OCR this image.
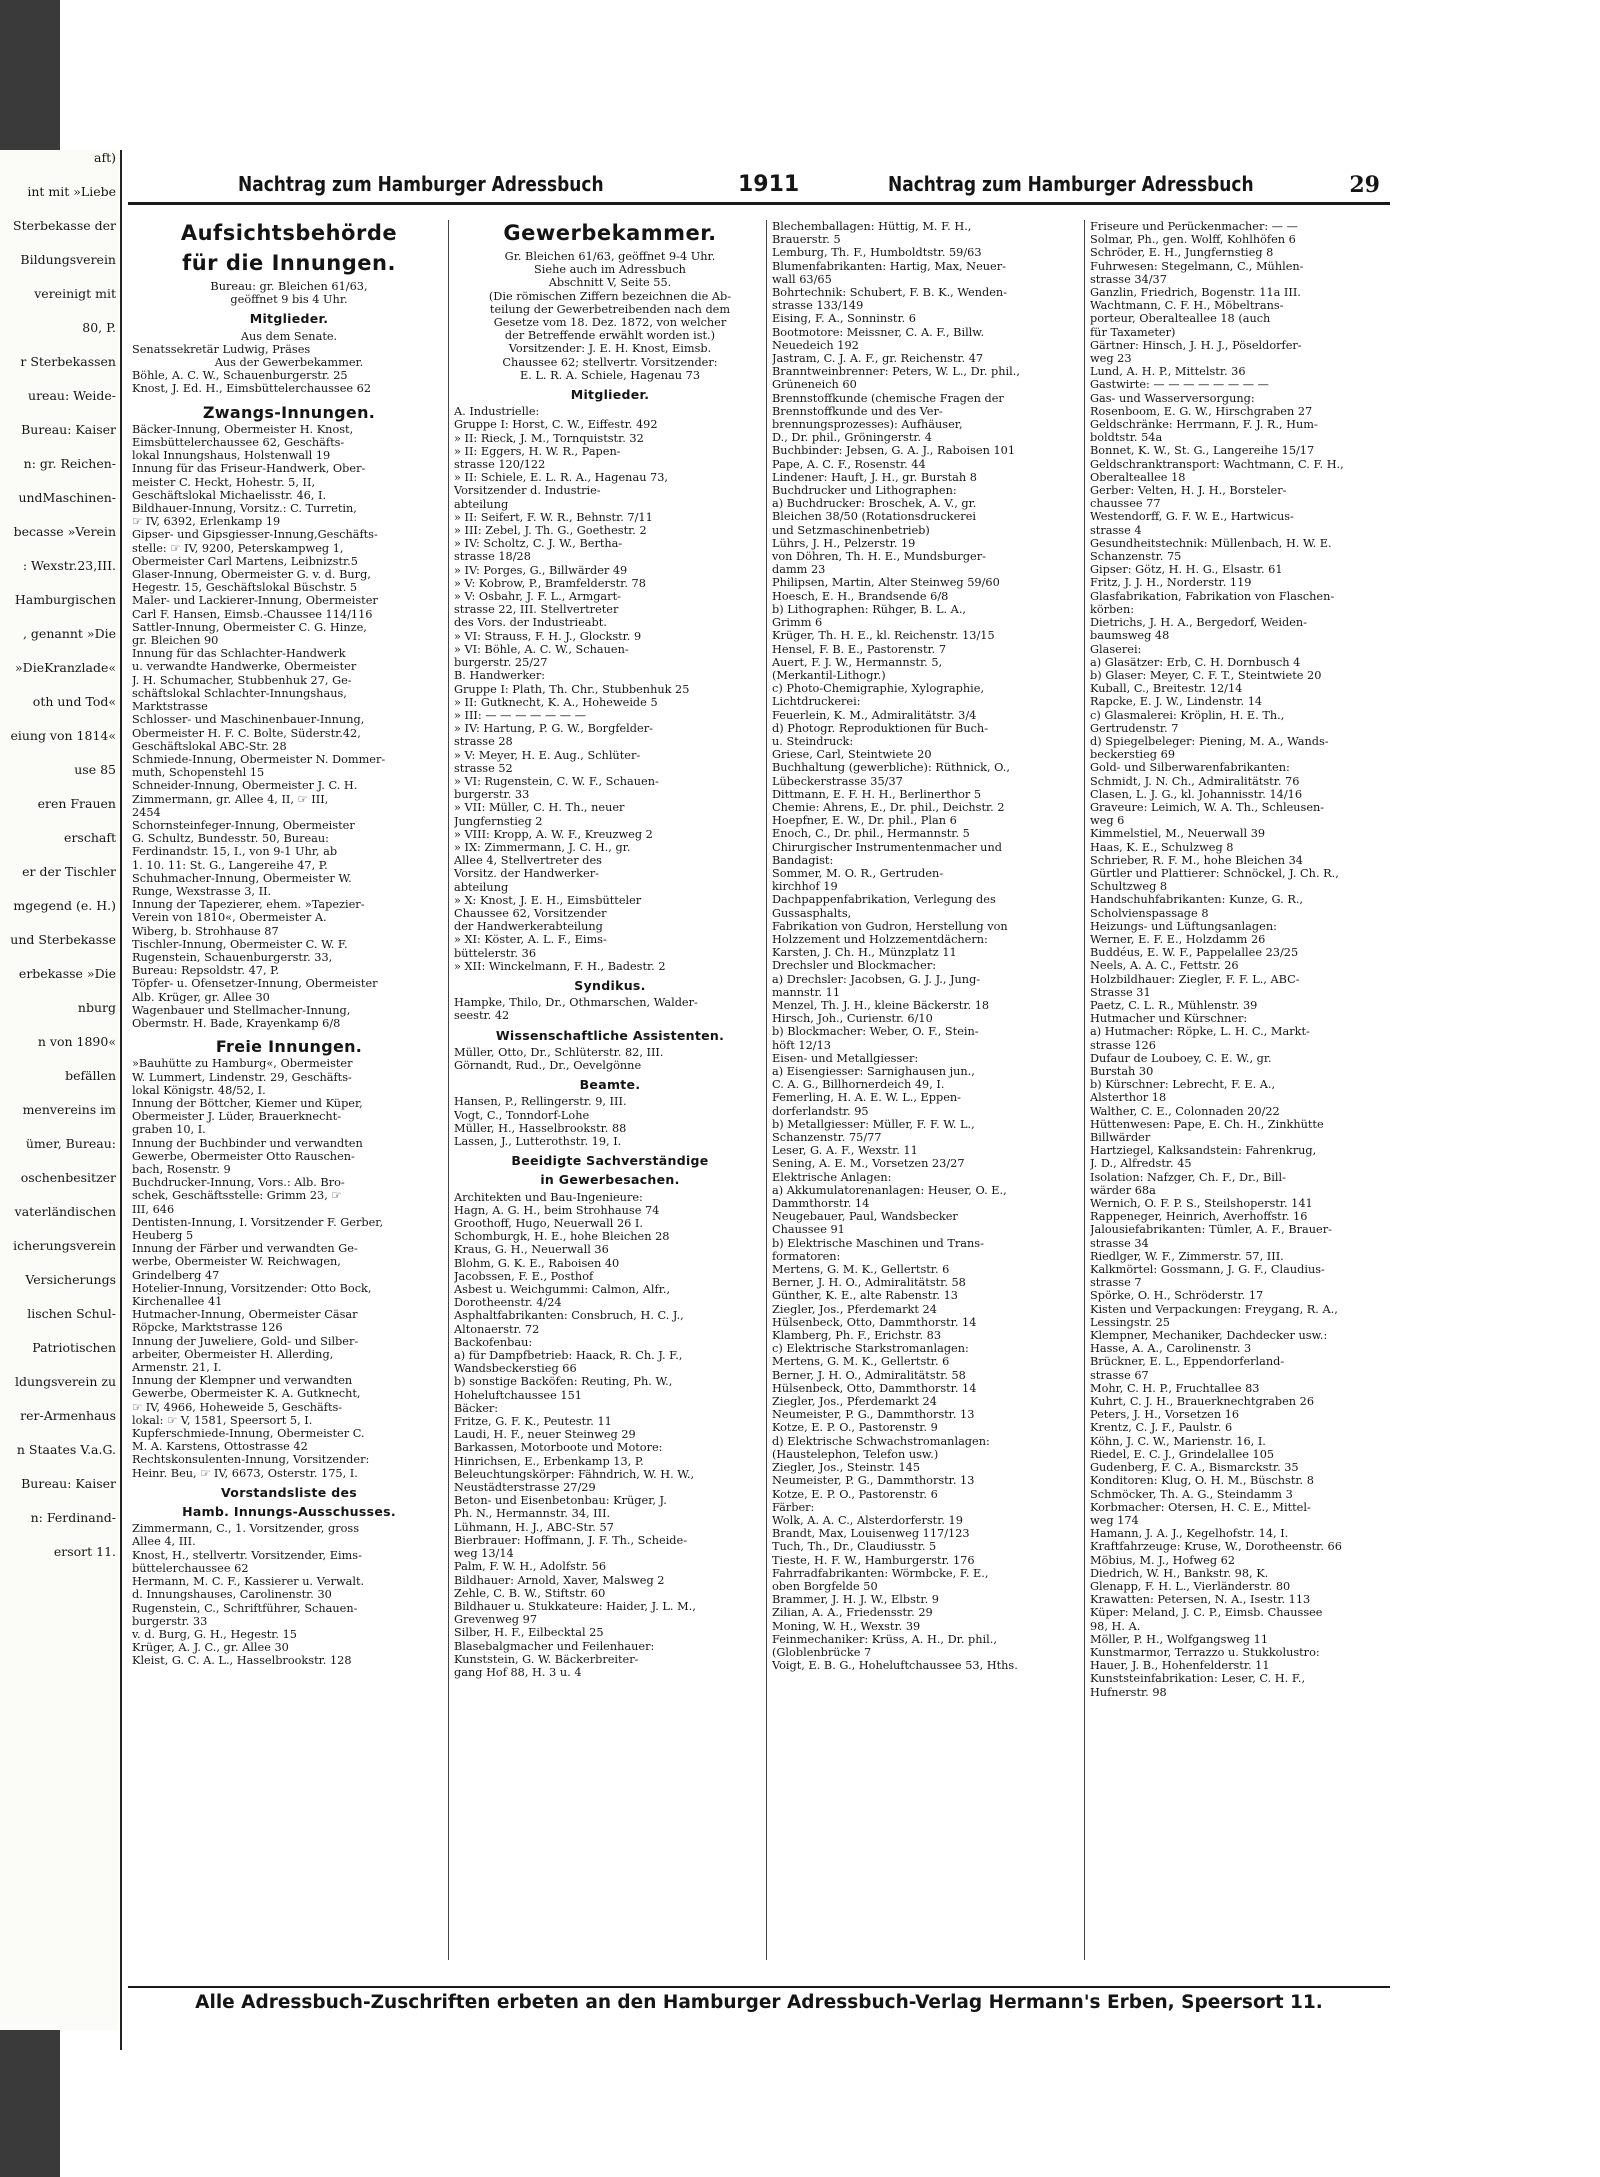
aft)
int mit »Liebe
Sterbekasse der
Bildungsverein
vereinigt mit
80, P.
r Sterbekassen
ureau: Weide-
Bureau: Kaiser
n: gr. Reichen-
undMaschinen-
becasse »Verein
: Wexstr.23,III.
Hamburgischen
, genannt »Die
»DieKranzlade«
oth und Tod«
eiung von 1814«
use 85
eren Frauen
erschaft
er der Tischler
mgegend (e. H.)
und Sterbekasse
erbekasse »Die
nburg
n von 1890«
befällen
menvereins im
ümer, Bureau:
oschenbesitzer
vaterländischen
icherungsverein
Versicherungs
lischen Schul-
Patriotischen
ldungsverein zu
rer-Armenhaus
n Staates V.a.G.
Bureau: Kaiser
n: Ferdinand-
ersort 11.
Nachtrag zum Hamburger Adressbuch	1911	Nachtrag zum Hamburger Adressbuch	29
Aufsichtsbehörde
für die Innungen.
Bureau: gr. Bleichen 61/63,
geöffnet 9 bis 4 Uhr.
Mitglieder.
Aus dem Senate.
Senatssekretär Ludwig, Präses
Aus der Gewerbekammer.
Böhle, A. C. W., Schauenburgerstr. 25
Knost, J. Ed. H., Eimsbüttelerchaussee 62
Zwangs-Innungen.
Bäcker-Innung, Obermeister H. Knost,
Eimsbüttelerchaussee 62, Geschäfts-
lokal Innungshaus, Holstenwall 19
Innung für das Friseur-Handwerk, Ober-
meister C. Heckt, Hohestr. 5, II,
Geschäftslokal Michaelisstr. 46, I.
Bildhauer-Innung, Vorsitz.: C. Turretin,
☞ IV, 6392, Erlenkamp 19
Gipser- und Gipsgiesser-Innung,Geschäfts-
stelle: ☞ IV, 9200, Peterskampweg 1,
Obermeister Carl Martens, Leibnizstr.5
Glaser-Innung, Obermeister G. v. d. Burg,
Hegestr. 15, Geschäftslokal Büschstr. 5
Maler- und Lackierer-Innung, Obermeister
Carl F. Hansen, Eimsb.-Chaussee 114/116
Sattler-Innung, Obermeister C. G. Hinze,
gr. Bleichen 90
Innung für das Schlachter-Handwerk
u. verwandte Handwerke, Obermeister
J. H. Schumacher, Stubbenhuk 27, Ge-
schäftslokal Schlachter-Innungshaus,
Marktstrasse
Schlosser- und Maschinenbauer-Innung,
Obermeister H. F. C. Bolte, Süderstr.42,
Geschäftslokal ABC-Str. 28
Schmiede-Innung, Obermeister N. Dommer-
muth, Schopenstehl 15
Schneider-Innung, Obermeister J. C. H.
Zimmermann, gr. Allee 4, II, ☞ III,
2454
Schornsteinfeger-Innung, Obermeister
G. Schultz, Bundesstr. 50, Bureau:
Ferdinandstr. 15, I., von 9-1 Uhr, ab
1. 10. 11: St. G., Langereihe 47, P.
Schuhmacher-Innung, Obermeister W.
Runge, Wexstrasse 3, II.
Innung der Tapezierer, ehem. »Tapezier-
Verein von 1810«, Obermeister A.
Wiberg, b. Strohhause 87
Tischler-Innung, Obermeister C. W. F.
Rugenstein, Schauenburgerstr. 33,
Bureau: Repsoldstr. 47, P.
Töpfer- u. Ofensetzer-Innung, Obermeister
Alb. Krüger, gr. Allee 30
Wagenbauer und Stellmacher-Innung,
Obermstr. H. Bade, Krayenkamp 6/8
Freie Innungen.
»Bauhütte zu Hamburg«, Obermeister
W. Lummert, Lindenstr. 29, Geschäfts-
lokal Königstr. 48/52, I.
Innung der Böttcher, Kiemer und Küper,
Obermeister J. Lüder, Brauerknecht-
graben 10, I.
Innung der Buchbinder und verwandten
Gewerbe, Obermeister Otto Rauschen-
bach, Rosenstr. 9
Buchdrucker-Innung, Vors.: Alb. Bro-
schek, Geschäftsstelle: Grimm 23, ☞
III, 646
Dentisten-Innung, I. Vorsitzender F. Gerber,
Heuberg 5
Innung der Färber und verwandten Ge-
werbe, Obermeister W. Reichwagen,
Grindelberg 47
Hotelier-Innung, Vorsitzender: Otto Bock,
Kirchenallee 41
Hutmacher-Innung, Obermeister Cäsar
Röpcke, Marktstrasse 126
Innung der Juweliere, Gold- und Silber-
arbeiter, Obermeister H. Allerding,
Armenstr. 21, I.
Innung der Klempner und verwandten
Gewerbe, Obermeister K. A. Gutknecht,
☞ IV, 4966, Hoheweide 5, Geschäfts-
lokal: ☞ V, 1581, Speersort 5, I.
Kupferschmiede-Innung, Obermeister C.
M. A. Karstens, Ottostrasse 42
Rechtskonsulenten-Innung, Vorsitzender:
Heinr. Beu, ☞ IV, 6673, Osterstr. 175, I.
Vorstandsliste des
Hamb. Innungs-Ausschusses.
Zimmermann, C., 1. Vorsitzender, gross
Allee 4, III.
Knost, H., stellvertr. Vorsitzender, Eims-
büttelerchaussee 62
Hermann, M. C. F., Kassierer u. Verwalt.
d. Innungshauses, Carolinenstr. 30
Rugenstein, C., Schriftführer, Schauen-
burgerstr. 33
v. d. Burg, G. H., Hegestr. 15
Krüger, A. J. C., gr. Allee 30
Kleist, G. C. A. L., Hasselbrookstr. 128
Gewerbekammer.
Gr. Bleichen 61/63, geöffnet 9-4 Uhr.
Siehe auch im Adressbuch
Abschnitt V, Seite 55.
(Die römischen Ziffern bezeichnen die Ab-
teilung der Gewerbetreibenden nach dem
Gesetze vom 18. Dez. 1872, von welcher
der Betreffende erwählt worden ist.)
Vorsitzender: J. E. H. Knost, Eimsb.
Chaussee 62; stellvertr. Vorsitzender:
E. L. R. A. Schiele, Hagenau 73
Mitglieder.
A. Industrielle:
Gruppe I: Horst, C. W., Eiffestr. 492
» II: Rieck, J. M., Tornquiststr. 32
» II: Eggers, H. W. R., Papen-
strasse 120/122
» II: Schiele, E. L. R. A., Hagenau 73,
Vorsitzender d. Industrie-
abteilung
» II: Seifert, F. W. R., Behnstr. 7/11
» III: Zebel, J. Th. G., Goethestr. 2
» IV: Scholtz, C. J. W., Bertha-
strasse 18/28
» IV: Porges, G., Billwärder 49
» V: Kobrow, P., Bramfelderstr. 78
» V: Osbahr, J. F. L., Armgart-
strasse 22, III. Stellvertreter
des Vors. der Industrieabt.
» VI: Strauss, F. H. J., Glockstr. 9
» VI: Böhle, A. C. W., Schauen-
burgerstr. 25/27
B. Handwerker:
Gruppe I: Plath, Th. Chr., Stubbenhuk 25
» II: Gutknecht, K. A., Hoheweide 5
» III: — — — — — — —
» IV: Hartung, P. G. W., Borgfelder-
strasse 28
» V: Meyer, H. E. Aug., Schlüter-
strasse 52
» VI: Rugenstein, C. W. F., Schauen-
burgerstr. 33
» VII: Müller, C. H. Th., neuer
Jungfernstieg 2
» VIII: Kropp, A. W. F., Kreuzweg 2
» IX: Zimmermann, J. C. H., gr.
Allee 4, Stellvertreter des
Vorsitz. der Handwerker-
abteilung
» X: Knost, J. E. H., Eimsbütteler
Chaussee 62, Vorsitzender
der Handwerkerabteilung
» XI: Köster, A. L. F., Eims-
büttelerstr. 36
» XII: Winckelmann, F. H., Badestr. 2
Syndikus.
Hampke, Thilo, Dr., Othmarschen, Walder-
seestr. 42
Wissenschaftliche Assistenten.
Müller, Otto, Dr., Schlüterstr. 82, III.
Görnandt, Rud., Dr., Oevelgönne
Beamte.
Hansen, P., Rellingerstr. 9, III.
Vogt, C., Tonndorf-Lohe
Müller, H., Hasselbrookstr. 88
Lassen, J., Lutterothstr. 19, I.
Beeidigte Sachverständige
in Gewerbesachen.
Architekten und Bau-Ingenieure:
Hagn, A. G. H., beim Strohhause 74
Groothoff, Hugo, Neuerwall 26 I.
Schomburgk, H. E., hohe Bleichen 28
Kraus, G. H., Neuerwall 36
Blohm, G. K. E., Raboisen 40
Jacobssen, F. E., Posthof
Asbest u. Weichgummi: Calmon, Alfr.,
Dorotheenstr. 4/24
Asphaltfabrikanten: Consbruch, H. C. J.,
Altonaerstr. 72
Backofenbau:
a) für Dampfbetrieb: Haack, R. Ch. J. F.,
Wandsbeckerstieg 66
b) sonstige Backöfen: Reuting, Ph. W.,
Hoheluftchaussee 151
Bäcker:
Fritze, G. F. K., Peutestr. 11
Laudi, H. F., neuer Steinweg 29
Barkassen, Motorboote und Motore:
Hinrichsen, E., Erbenkamp 13, P.
Beleuchtungskörper: Fähndrich, W. H. W.,
Neustädterstrasse 27/29
Beton- und Eisenbetonbau: Krüger, J.
Ph. N., Hermannstr. 34, III.
Lühmann, H. J., ABC-Str. 57
Bierbrauer: Hoffmann, J. F. Th., Scheide-
weg 13/14
Palm, F. W. H., Adolfstr. 56
Bildhauer: Arnold, Xaver, Malsweg 2
Zehle, C. B. W., Stiftstr. 60
Bildhauer u. Stukkateure: Haider, J. L. M.,
Grevenweg 97
Silber, H. F., Eilbecktal 25
Blasebalgmacher und Feilenhauer:
Kunststein, G. W. Bäckerbreiter-
gang Hof 88, H. 3 u. 4
Blechemballagen: Hüttig, M. F. H.,
Brauerstr. 5
Lemburg, Th. F., Humboldtstr. 59/63
Blumenfabrikanten: Hartig, Max, Neuer-
wall 63/65
Bohrtechnik: Schubert, F. B. K., Wenden-
strasse 133/149
Eising, F. A., Sonninstr. 6
Bootmotore: Meissner, C. A. F., Billw.
Neuedeich 192
Jastram, C. J. A. F., gr. Reichenstr. 47
Branntweinbrenner: Peters, W. L., Dr. phil.,
Grüneneich 60
Brennstoffkunde (chemische Fragen der
Brennstoffkunde und des Ver-
brennungsprozesses): Aufhäuser,
D., Dr. phil., Gröningerstr. 4
Buchbinder: Jebsen, G. A. J., Raboisen 101
Pape, A. C. F., Rosenstr. 44
Lindener: Hauft, J. H., gr. Burstah 8
Buchdrucker und Lithographen:
a) Buchdrucker: Broschek, A. V., gr.
Bleichen 38/50 (Rotationsdruckerei
und Setzmaschinenbetrieb)
Lührs, J. H., Pelzerstr. 19
von Döhren, Th. H. E., Mundsburger-
damm 23
Philipsen, Martin, Alter Steinweg 59/60
Hoesch, E. H., Brandsende 6/8
b) Lithographen: Rühger, B. L. A.,
Grimm 6
Krüger, Th. H. E., kl. Reichenstr. 13/15
Hensel, F. B. E., Pastorenstr. 7
Auert, F. J. W., Hermannstr. 5,
(Merkantil-Lithogr.)
c) Photo-Chemigraphie, Xylographie,
Lichtdruckerei:
Feuerlein, K. M., Admiralitätstr. 3/4
d) Photogr. Reproduktionen für Buch-
u. Steindruck:
Griese, Carl, Steintwiete 20
Buchhaltung (gewerbliche): Rüthnick, O.,
Lübeckerstrasse 35/37
Dittmann, E. F. H. H., Berlinerthor 5
Chemie: Ahrens, E., Dr. phil., Deichstr. 2
Hoepfner, E. W., Dr. phil., Plan 6
Enoch, C., Dr. phil., Hermannstr. 5
Chirurgischer Instrumentenmacher und
Bandagist:
Sommer, M. O. R., Gertruden-
kirchhof 19
Dachpappenfabrikation, Verlegung des
Gussasphalts,
Fabrikation von Gudron, Herstellung von
Holzzement und Holzzementdächern:
Karsten, J. Ch. H., Münzplatz 11
Drechsler und Blockmacher:
a) Drechsler: Jacobsen, G. J. J., Jung-
mannstr. 11
Menzel, Th. J. H., kleine Bäckerstr. 18
Hirsch, Joh., Curienstr. 6/10
b) Blockmacher: Weber, O. F., Stein-
höft 12/13
Eisen- und Metallgiesser:
a) Eisengiesser: Sarnighausen jun.,
C. A. G., Billhornerdeich 49, I.
Femerling, H. A. E. W. L., Eppen-
dorferlandstr. 95
b) Metallgiesser: Müller, F. F. W. L.,
Schanzenstr. 75/77
Leser, G. A. F., Wexstr. 11
Sening, A. E. M., Vorsetzen 23/27
Elektrische Anlagen:
a) Akkumulatorenanlagen: Heuser, O. E.,
Dammthorstr. 14
Neugebauer, Paul, Wandsbecker
Chaussee 91
b) Elektrische Maschinen und Trans-
formatoren:
Mertens, G. M. K., Gellertstr. 6
Berner, J. H. O., Admiralitätstr. 58
Günther, K. E., alte Rabenstr. 13
Ziegler, Jos., Pferdemarkt 24
Hülsenbeck, Otto, Dammthorstr. 14
Klamberg, Ph. F., Erichstr. 83
c) Elektrische Starkstromanlagen:
Mertens, G. M. K., Gellertstr. 6
Berner, J. H. O., Admiralitätstr. 58
Hülsenbeck, Otto, Dammthorstr. 14
Ziegler, Jos., Pferdemarkt 24
Neumeister, P. G., Dammthorstr. 13
Kotze, E. P. O., Pastorenstr. 9
d) Elektrische Schwachstromanlagen:
(Haustelephon, Telefon usw.)
Ziegler, Jos., Steinstr. 145
Neumeister, P. G., Dammthorstr. 13
Kotze, E. P. O., Pastorenstr. 6
Färber:
Wolk, A. A. C., Alsterdorferstr. 19
Brandt, Max, Louisenweg 117/123
Tuch, Th., Dr., Claudiusstr. 5
Tieste, H. F. W., Hamburgerstr. 176
Fahrradfabrikanten: Wörmbcke, F. E.,
oben Borgfelde 50
Brammer, J. H. J. W., Elbstr. 9
Zilian, A. A., Friedensstr. 29
Moning, W. H., Wexstr. 39
Feinmechaniker: Krüss, A. H., Dr. phil.,
(Globlenbrücke 7
Voigt, E. B. G., Hoheluftchaussee 53, Hths.
Friseure und Perückenmacher: — —
Solmar, Ph., gen. Wolff, Kohlhöfen 6
Schröder, E. H., Jungfernstieg 8
Fuhrwesen: Stegelmann, C., Mühlen-
strasse 34/37
Ganzlin, Friedrich, Bogenstr. 11a III.
Wachtmann, C. F. H., Möbeltrans-
porteur, Oberalteallee 18 (auch
für Taxameter)
Gärtner: Hinsch, J. H. J., Pöseldorfer-
weg 23
Lund, A. H. P., Mittelstr. 36
Gastwirte: — — — — — — — —
Gas- und Wasserversorgung:
Rosenboom, E. G. W., Hirschgraben 27
Geldschränke: Herrmann, F. J. R., Hum-
boldtstr. 54a
Bonnet, K. W., St. G., Langereihe 15/17
Geldschranktransport: Wachtmann, C. F. H.,
Oberalteallee 18
Gerber: Velten, H. J. H., Borsteler-
chaussee 77
Westendorff, G. F. W. E., Hartwicus-
strasse 4
Gesundheitstechnik: Müllenbach, H. W. E.
Schanzenstr. 75
Gipser: Götz, H. H. G., Elsastr. 61
Fritz, J. J. H., Norderstr. 119
Glasfabrikation, Fabrikation von Flaschen-
körben:
Dietrichs, J. H. A., Bergedorf, Weiden-
baumsweg 48
Glaserei:
a) Glasätzer: Erb, C. H. Dornbusch 4
b) Glaser: Meyer, C. F. T., Steintwiete 20
Kuball, C., Breitestr. 12/14
Rapcke, E. J. W., Lindenstr. 14
c) Glasmalerei: Kröplin, H. E. Th.,
Gertrudenstr. 7
d) Spiegelbeleger: Piening, M. A., Wands-
beckerstieg 69
Gold- und Silberwarenfabrikanten:
Schmidt, J. N. Ch., Admiralitätstr. 76
Clasen, L. J. G., kl. Johannisstr. 14/16
Graveure: Leimich, W. A. Th., Schleusen-
weg 6
Kimmelstiel, M., Neuerwall 39
Haas, K. E., Schulzweg 8
Schrieber, R. F. M., hohe Bleichen 34
Gürtler und Plattierer: Schnöckel, J. Ch. R.,
Schultzweg 8
Handschuhfabrikanten: Kunze, G. R.,
Scholvienspassage 8
Heizungs- und Lüftungsanlagen:
Werner, E. F. E., Holzdamm 26
Buddéus, E. W. F., Pappelallee 23/25
Neels, A. A. C., Fettstr. 26
Holzbildhauer: Ziegler, F. F. L., ABC-
Strasse 31
Paetz, C. L. R., Mühlenstr. 39
Hutmacher und Kürschner:
a) Hutmacher: Röpke, L. H. C., Markt-
strasse 126
Dufaur de Louboey, C. E. W., gr.
Burstah 30
b) Kürschner: Lebrecht, F. E. A.,
Alsterthor 18
Walther, C. E., Colonnaden 20/22
Hüttenwesen: Pape, E. Ch. H., Zinkhütte
Billwärder
Hartziegel, Kalksandstein: Fahrenkrug,
J. D., Alfredstr. 45
Isolation: Nafzger, Ch. F., Dr., Bill-
wärder 68a
Wernich, O. F. P. S., Steilshoperstr. 141
Rappeneger, Heinrich, Averhoffstr. 16
Jalousiefabrikanten: Tümler, A. F., Brauer-
strasse 34
Riedlger, W. F., Zimmerstr. 57, III.
Kalkmörtel: Gossmann, J. G. F., Claudius-
strasse 7
Spörke, O. H., Schröderstr. 17
Kisten und Verpackungen: Freygang, R. A.,
Lessingstr. 25
Klempner, Mechaniker, Dachdecker usw.:
Hasse, A. A., Carolinenstr. 3
Brückner, E. L., Eppendorferland-
strasse 67
Mohr, C. H. P., Fruchtallee 83
Kuhrt, C. J. H., Brauerknechtgraben 26
Peters, J. H., Vorsetzen 16
Krentz, C. J. F., Paulstr. 6
Köhn, J. C. W., Marienstr. 16, I.
Riedel, E. C. J., Grindelallee 105
Gudenberg, F. C. A., Bismarckstr. 35
Konditoren: Klug, O. H. M., Büschstr. 8
Schmöcker, Th. A. G., Steindamm 3
Korbmacher: Otersen, H. C. E., Mittel-
weg 174
Hamann, J. A. J., Kegelhofstr. 14, I.
Kraftfahrzeuge: Kruse, W., Dorotheenstr. 66
Möbius, M. J., Hofweg 62
Diedrich, W. H., Bankstr. 98, K.
Glenapp, F. H. L., Vierländerstr. 80
Krawatten: Petersen, N. A., Isestr. 113
Küper: Meland, J. C. P., Eimsb. Chaussee
98, H. A.
Möller, P. H., Wolfgangsweg 11
Kunstmarmor, Terrazzo u. Stukkolustro:
Hauer, J. B., Hohenfelderstr. 11
Kunststeinfabrikation: Leser, C. H. F.,
Hufnerstr. 98
Alle Adressbuch-Zuschriften erbeten an den Hamburger Adressbuch-Verlag Hermann's Erben, Speersort 11.
